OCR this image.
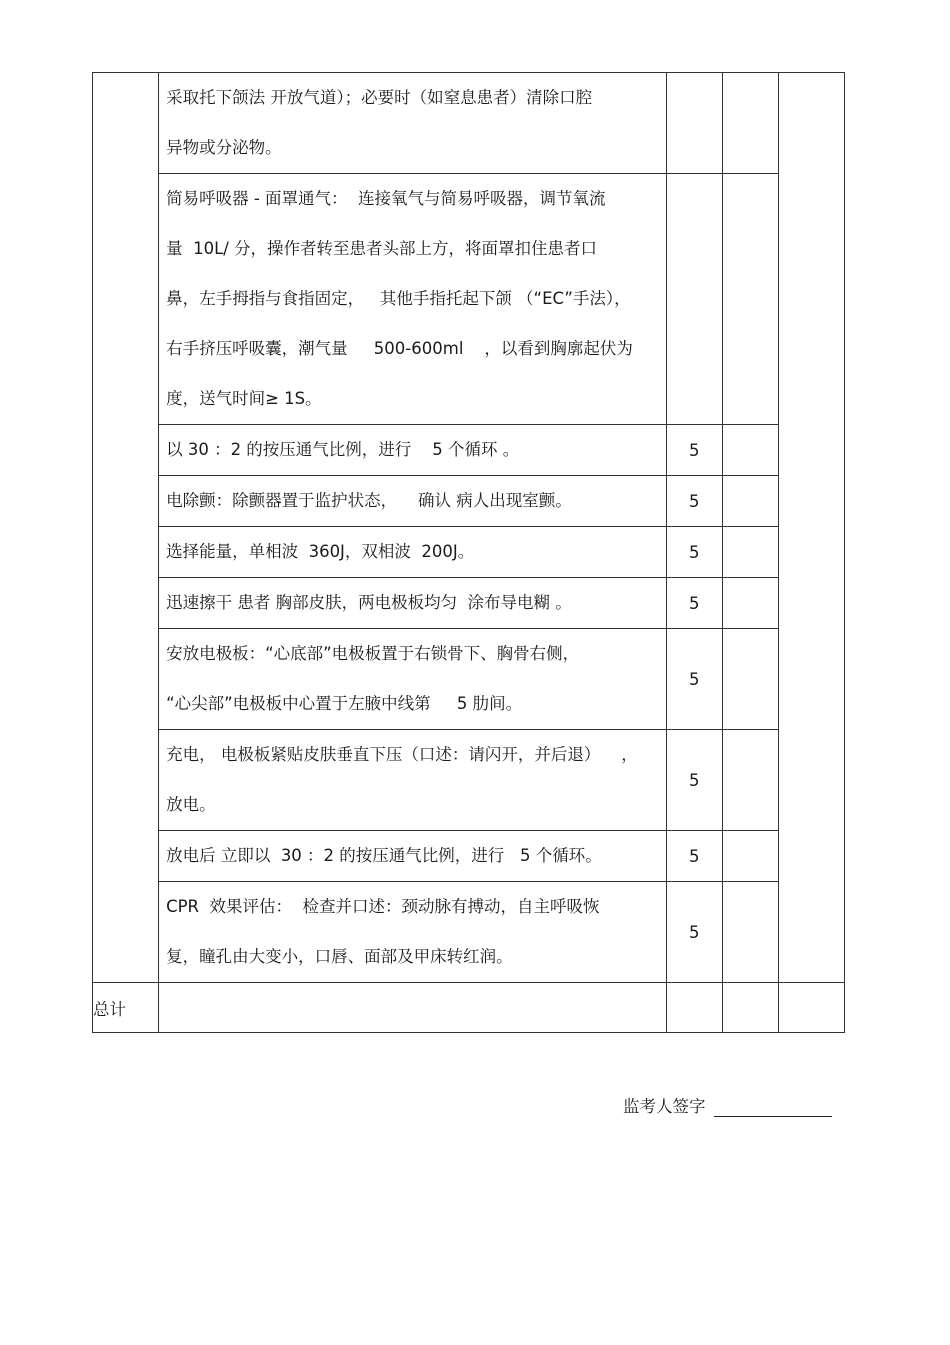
	采取托下颌法 开放气道）；必要时（如窒息患者）清除口腔
异物或分泌物。			

	简易呼吸器 - 面罩通气：  连接氧气与简易呼吸器，调节氧流
量  10L/ 分，操作者转至患者头部上方，将面罩扣住患者口
鼻，左手拇指与食指固定，   其他手指托起下颌 （“EC”手法），
右手挤压呼吸囊，潮气量     500-600ml    ，以看到胸廓起伏为
度，送气时间≥ 1S。			

	以 30 ：2 的按压通气比例，进行    5 个循环 。	5		

	电除颤：除颤器置于监护状态，    确认 病人出现室颤。	5		

	选择能量，单相波  360J，双相波  200J。	5		

	迅速擦干 患者 胸部皮肤，两电极板均匀  涂布导电糊 。	5		

	安放电极板：“心底部”电极板置于右锁骨下、胸骨右侧，
“心尖部”电极板中心置于左腋中线第     5 肋间。	5		

	充电， 电极板紧贴皮肤垂直下压（口述：请闪开，并后退）    ，
放电。	5		

	放电后 立即以  30 ：2 的按压通气比例，进行   5 个循环。	5		

	CPR  效果评估：  检查并口述：颈动脉有搏动，自主呼吸恢
复，瞳孔由大变小，口唇、面部及甲床转红润。	5		
总计				
监考人签字
